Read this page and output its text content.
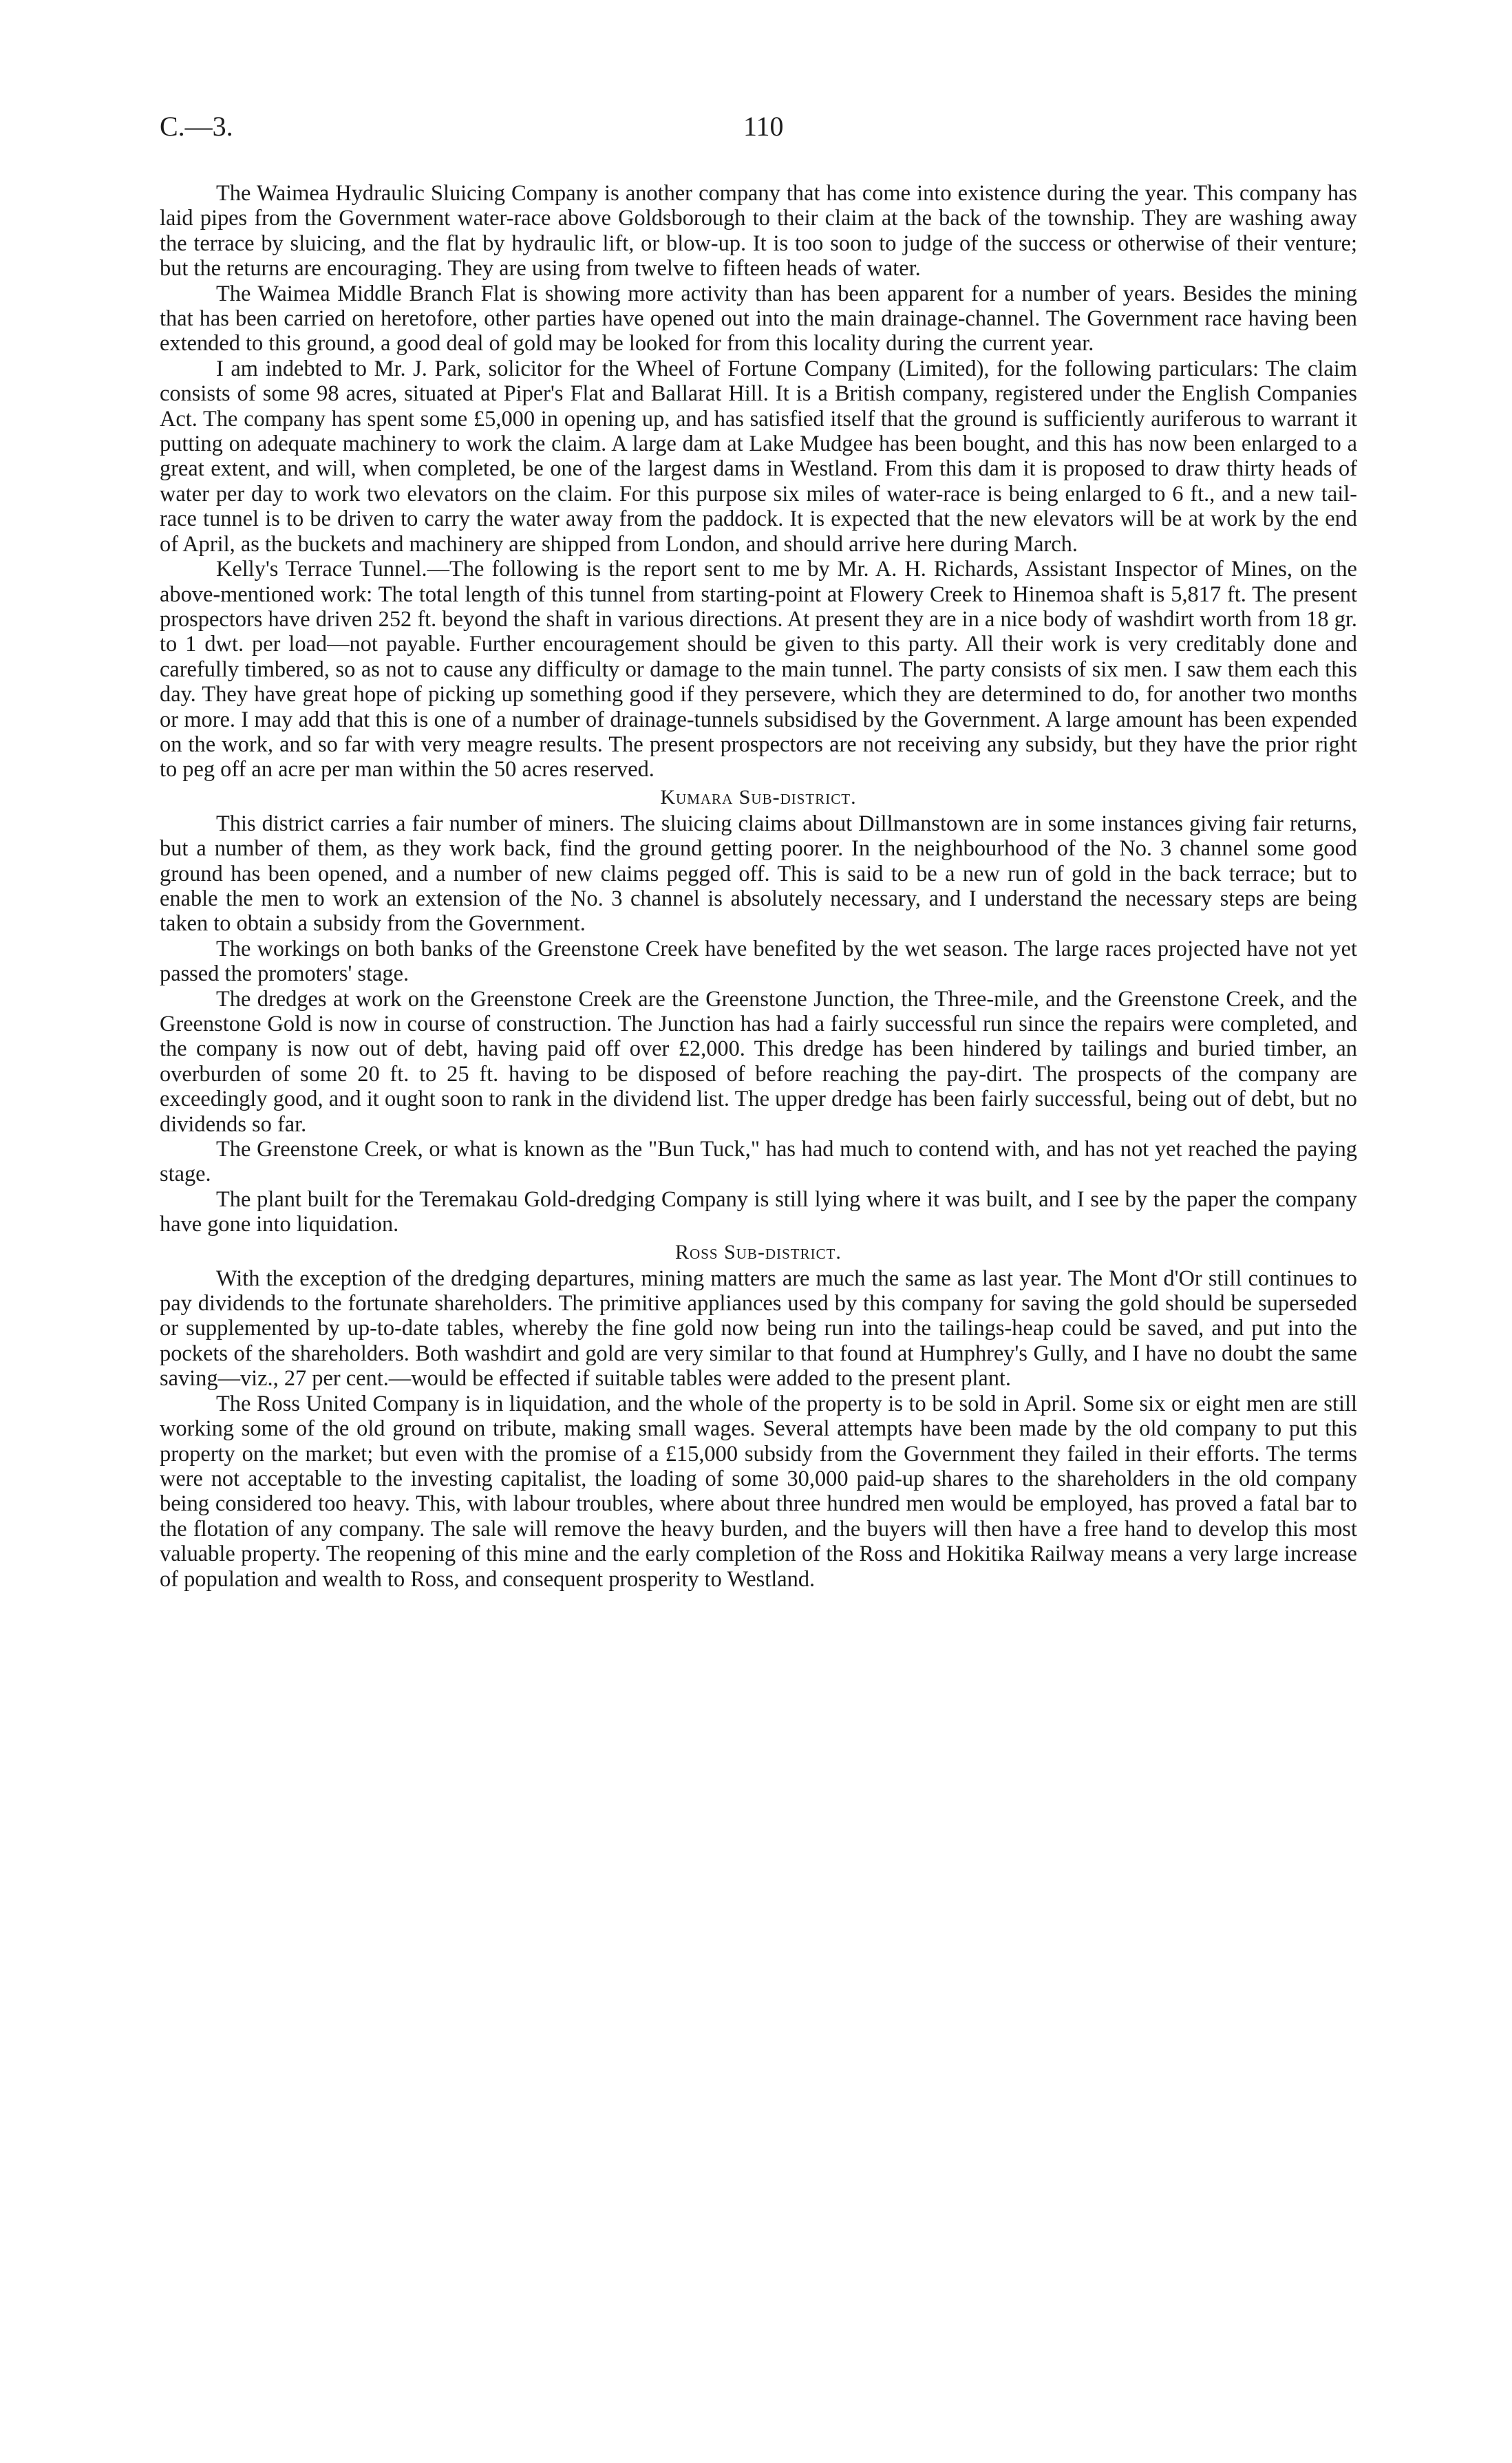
C.—3.	110

The Waimea Hydraulic Sluicing Company is another company that has come into existence during the year. This company has laid pipes from the Government water-race above Goldsborough to their claim at the back of the township. They are washing away the terrace by sluicing, and the flat by hydraulic lift, or blow-up. It is too soon to judge of the success or otherwise of their venture; but the returns are encouraging. They are using from twelve to fifteen heads of water.

The Waimea Middle Branch Flat is showing more activity than has been apparent for a number of years. Besides the mining that has been carried on heretofore, other parties have opened out into the main drainage-channel. The Government race having been extended to this ground, a good deal of gold may be looked for from this locality during the current year.

I am indebted to Mr. J. Park, solicitor for the Wheel of Fortune Company (Limited), for the following particulars: The claim consists of some 98 acres, situated at Piper's Flat and Ballarat Hill. It is a British company, registered under the English Companies Act. The company has spent some £5,000 in opening up, and has satisfied itself that the ground is sufficiently auriferous to warrant it putting on adequate machinery to work the claim. A large dam at Lake Mudgee has been bought, and this has now been enlarged to a great extent, and will, when completed, be one of the largest dams in Westland. From this dam it is proposed to draw thirty heads of water per day to work two elevators on the claim. For this purpose six miles of water-race is being enlarged to 6 ft., and a new tail-race tunnel is to be driven to carry the water away from the paddock. It is expected that the new elevators will be at work by the end of April, as the buckets and machinery are shipped from London, and should arrive here during March.

Kelly's Terrace Tunnel.—The following is the report sent to me by Mr. A. H. Richards, Assistant Inspector of Mines, on the above-mentioned work: The total length of this tunnel from starting-point at Flowery Creek to Hinemoa shaft is 5,817 ft. The present prospectors have driven 252 ft. beyond the shaft in various directions. At present they are in a nice body of washdirt worth from 18 gr. to 1 dwt. per load—not payable. Further encouragement should be given to this party. All their work is very creditably done and carefully timbered, so as not to cause any difficulty or damage to the main tunnel. The party consists of six men. I saw them each this day. They have great hope of picking up something good if they persevere, which they are determined to do, for another two months or more. I may add that this is one of a number of drainage-tunnels subsidised by the Government. A large amount has been expended on the work, and so far with very meagre results. The present prospectors are not receiving any subsidy, but they have the prior right to peg off an acre per man within the 50 acres reserved.

Kumara Sub-district.

This district carries a fair number of miners. The sluicing claims about Dillmanstown are in some instances giving fair returns, but a number of them, as they work back, find the ground getting poorer. In the neighbourhood of the No. 3 channel some good ground has been opened, and a number of new claims pegged off. This is said to be a new run of gold in the back terrace; but to enable the men to work an extension of the No. 3 channel is absolutely necessary, and I understand the necessary steps are being taken to obtain a subsidy from the Government.

The workings on both banks of the Greenstone Creek have benefited by the wet season. The large races projected have not yet passed the promoters' stage.

The dredges at work on the Greenstone Creek are the Greenstone Junction, the Three-mile, and the Greenstone Creek, and the Greenstone Gold is now in course of construction. The Junction has had a fairly successful run since the repairs were completed, and the company is now out of debt, having paid off over £2,000. This dredge has been hindered by tailings and buried timber, an overburden of some 20 ft. to 25 ft. having to be disposed of before reaching the pay-dirt. The prospects of the company are exceedingly good, and it ought soon to rank in the dividend list. The upper dredge has been fairly successful, being out of debt, but no dividends so far.

The Greenstone Creek, or what is known as the "Bun Tuck," has had much to contend with, and has not yet reached the paying stage.

The plant built for the Teremakau Gold-dredging Company is still lying where it was built, and I see by the paper the company have gone into liquidation.

Ross Sub-district.

With the exception of the dredging departures, mining matters are much the same as last year. The Mont d'Or still continues to pay dividends to the fortunate shareholders. The primitive appliances used by this company for saving the gold should be superseded or supplemented by up-to-date tables, whereby the fine gold now being run into the tailings-heap could be saved, and put into the pockets of the shareholders. Both washdirt and gold are very similar to that found at Humphrey's Gully, and I have no doubt the same saving—viz., 27 per cent.—would be effected if suitable tables were added to the present plant.

The Ross United Company is in liquidation, and the whole of the property is to be sold in April. Some six or eight men are still working some of the old ground on tribute, making small wages. Several attempts have been made by the old company to put this property on the market; but even with the promise of a £15,000 subsidy from the Government they failed in their efforts. The terms were not acceptable to the investing capitalist, the loading of some 30,000 paid-up shares to the shareholders in the old company being considered too heavy. This, with labour troubles, where about three hundred men would be employed, has proved a fatal bar to the flotation of any company. The sale will remove the heavy burden, and the buyers will then have a free hand to develop this most valuable property. The reopening of this mine and the early completion of the Ross and Hokitika Railway means a very large increase of population and wealth to Ross, and consequent prosperity to Westland.
